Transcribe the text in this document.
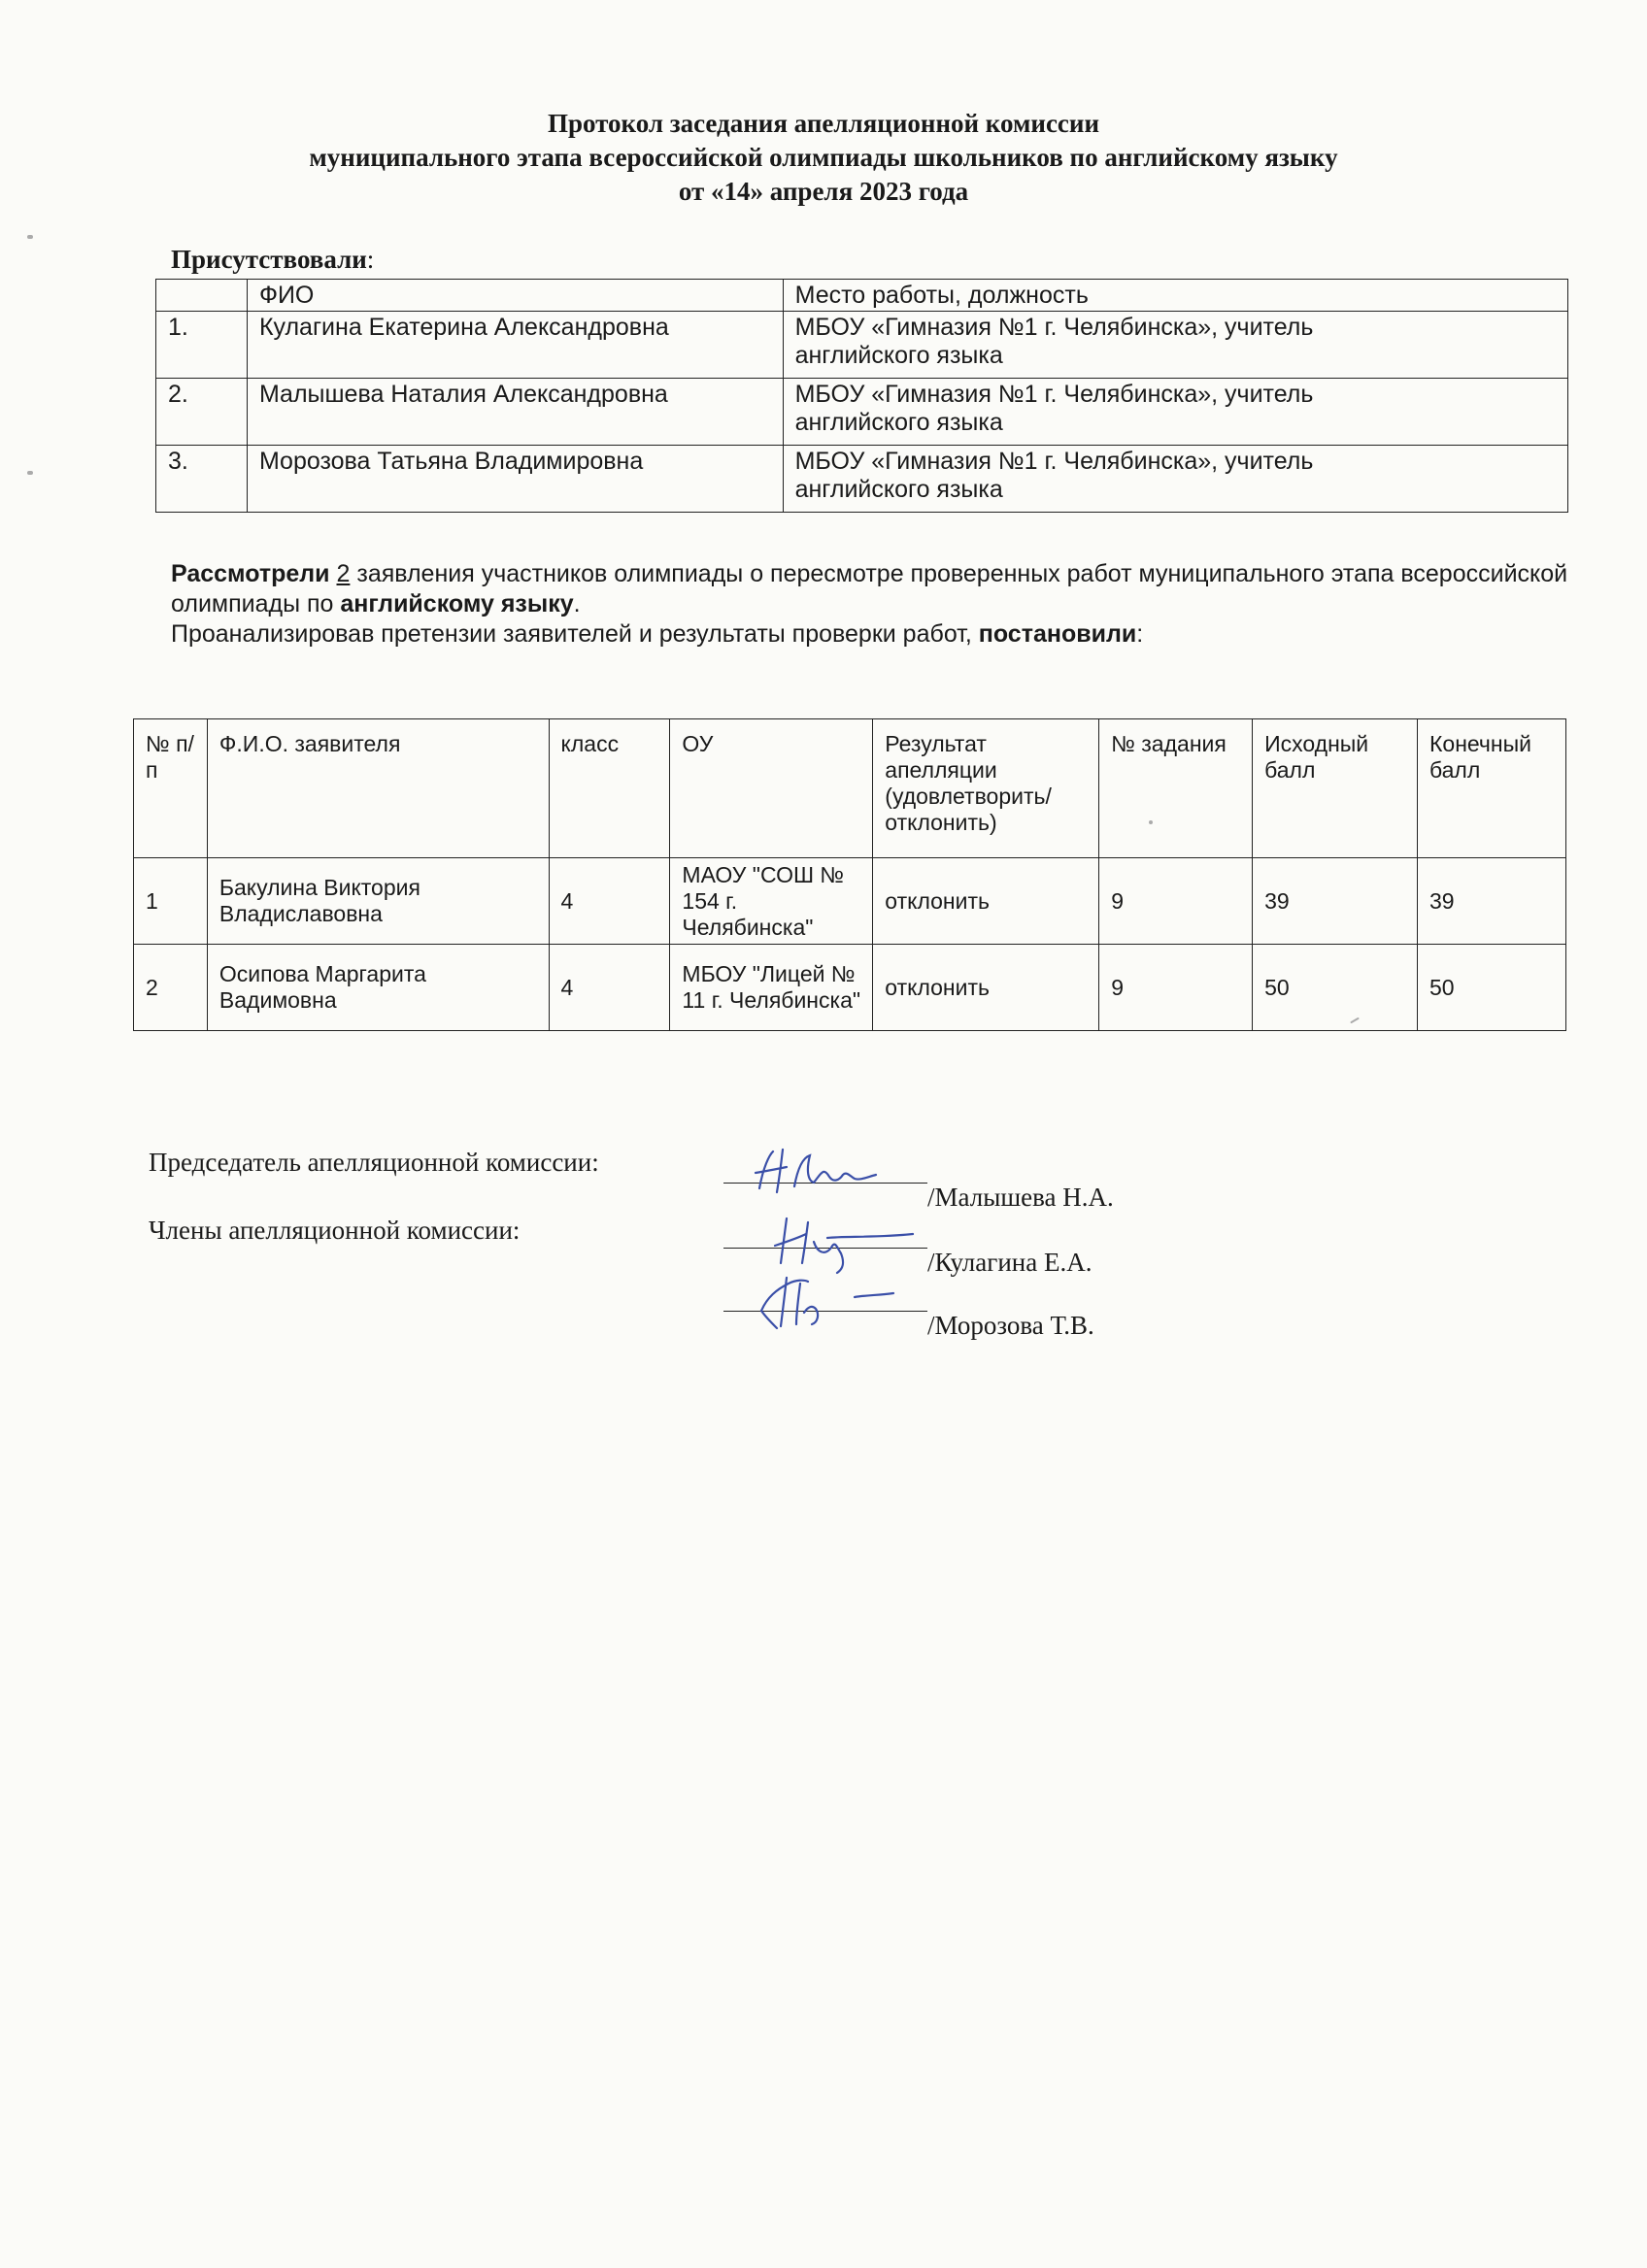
Протокол заседания апелляционной комиссии
муниципального этапа всероссийской олимпиады школьников по английскому языку
от «14» апреля 2023 года
Присутствовали:
	ФИО	Место работы, должность
1.	Кулагина Екатерина Александровна	МБОУ «Гимназия №1 г. Челябинска», учитель
английского языка

2.	Малышева Наталия Александровна	МБОУ «Гимназия №1 г. Челябинска», учитель
английского языка

3.	Морозова Татьяна Владимировна	МБОУ «Гимназия №1 г. Челябинска», учитель
английского языка

Рассмотрели 2 заявления участников олимпиады о пересмотре проверенных работ муниципального этапа всероссийской олимпиады по английскому языку.

Проанализировав претензии заявителей и результаты проверки работ, постановили:

№ п/п	Ф.И.О. заявителя	класс	ОУ	Результат апелляции (удовлетворить/ отклонить)	№ задания	Исходный балл	Конечный балл
1	Бакулина Виктория Владиславовна	4	МАОУ "СОШ № 154 г. Челябинска"	отклонить	9	39	39
2	Осипова Маргарита Вадимовна	4	МБОУ "Лицей № 11 г. Челябинска"	отклонить	9	50	50
Председатель апелляционной комиссии:
Члены апелляционной комиссии:
/Малышева Н.А.
/Кулагина Е.А.
/Морозова Т.В.
